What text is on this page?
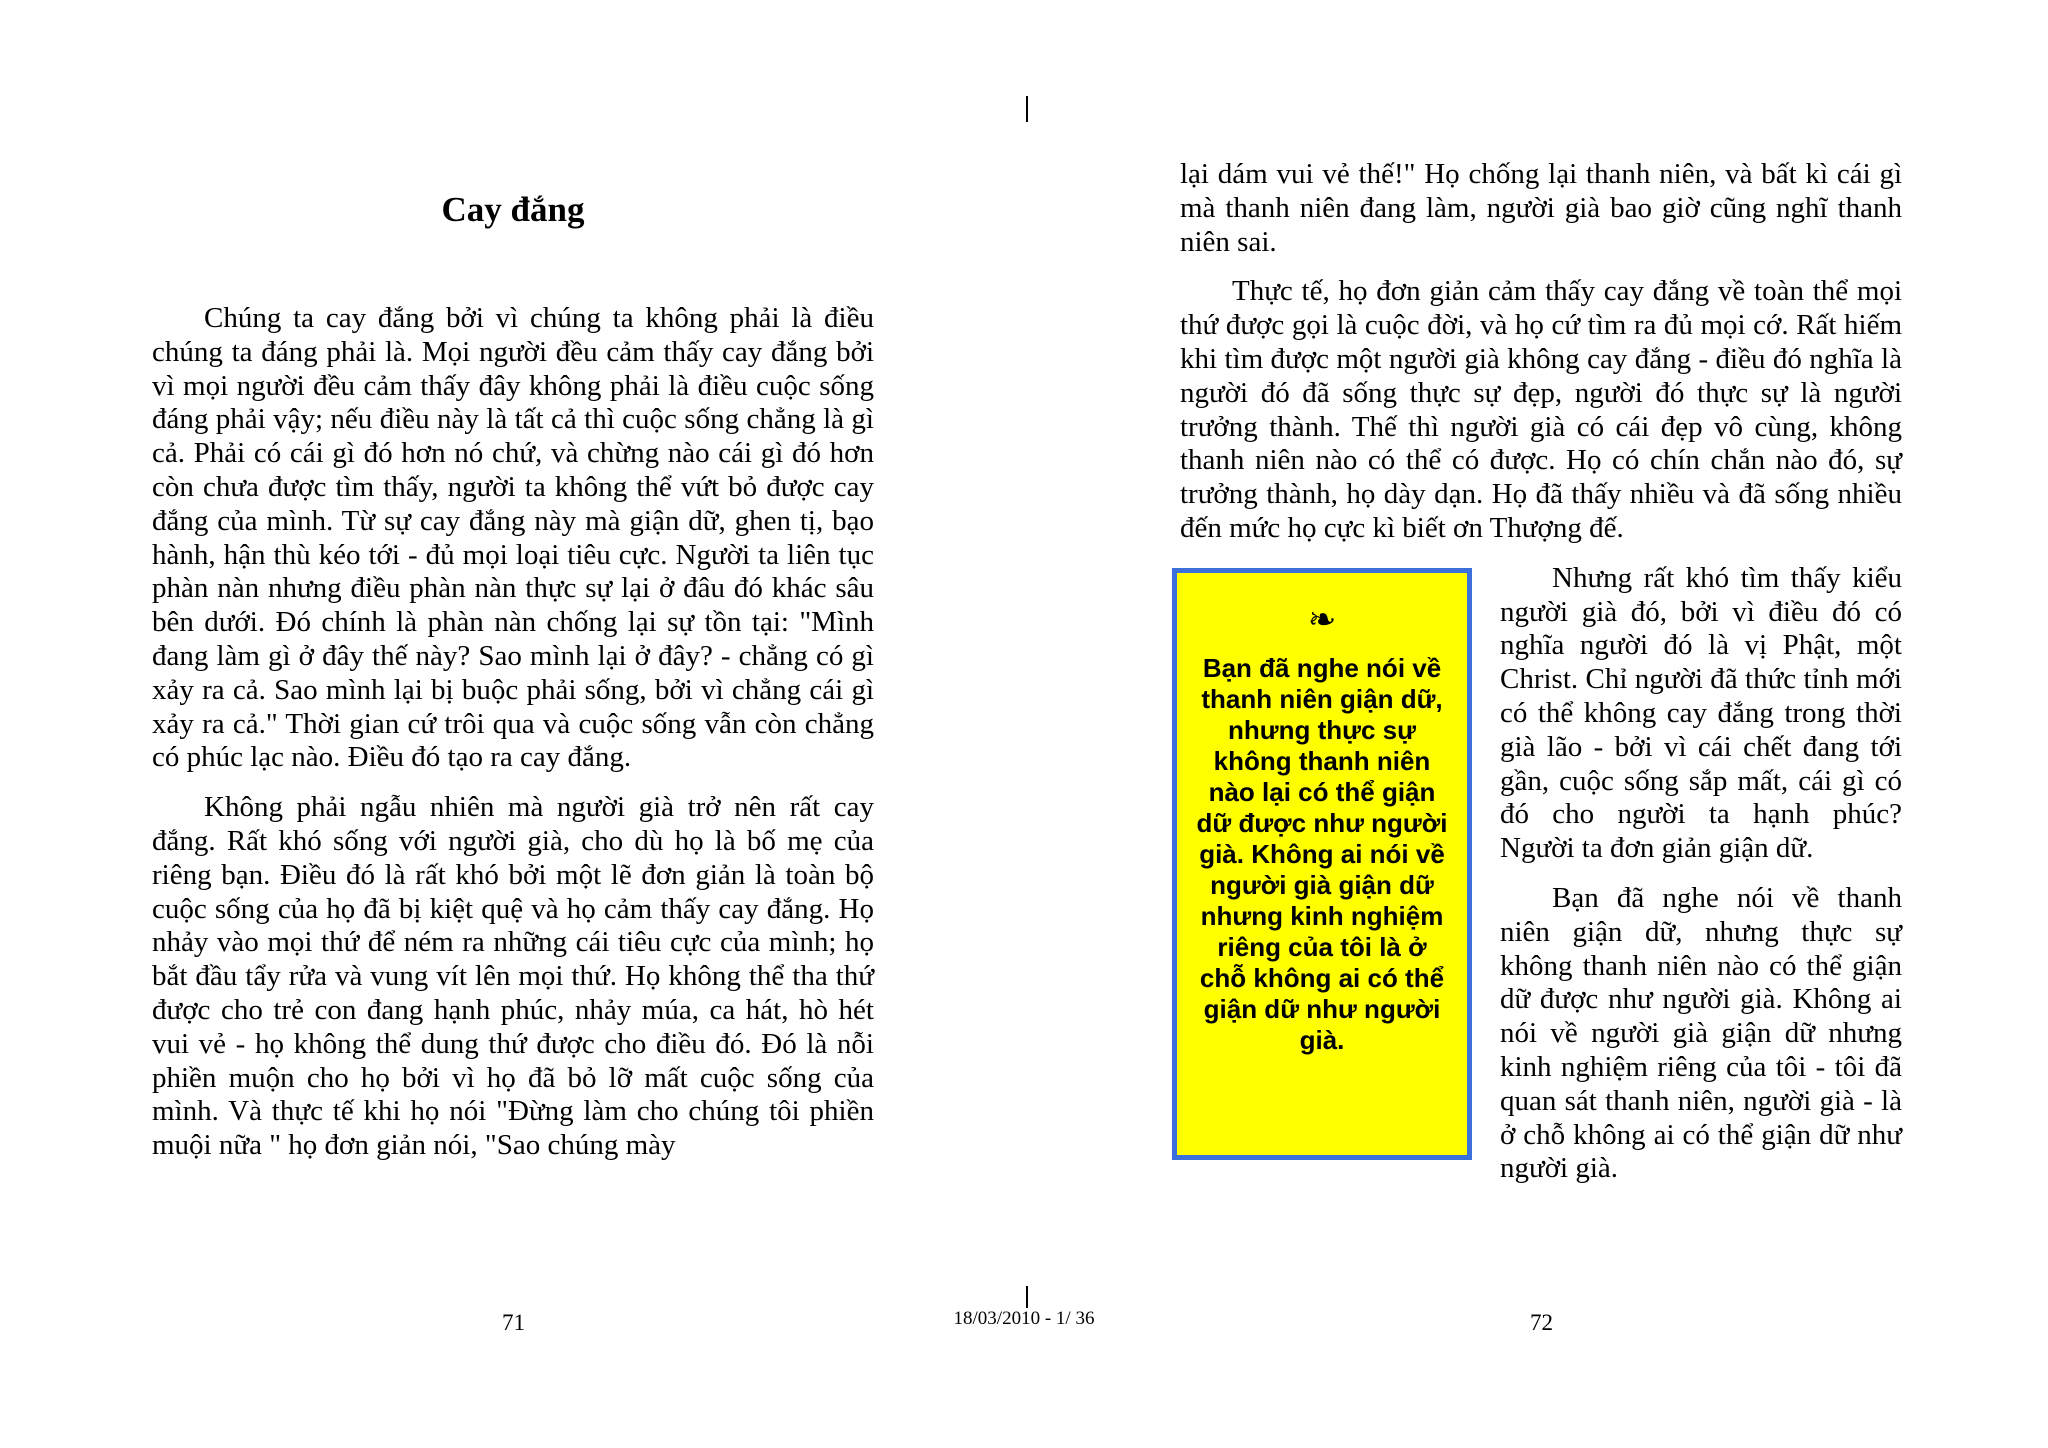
Cay đắng

Chúng ta cay đắng bởi vì chúng ta không phải là điều chúng ta đáng phải là. Mọi người đều cảm thấy cay đắng bởi vì mọi người đều cảm thấy đây không phải là điều cuộc sống đáng phải vậy; nếu điều này là tất cả thì cuộc sống chẳng là gì cả. Phải có cái gì đó hơn nó chứ, và chừng nào cái gì đó hơn còn chưa được tìm thấy, người ta không thể vứt bỏ được cay đắng của mình. Từ sự cay đắng này mà giận dữ, ghen tị, bạo hành, hận thù kéo tới - đủ mọi loại tiêu cực. Người ta liên tục phàn nàn nhưng điều phàn nàn thực sự lại ở đâu đó khác sâu bên dưới. Đó chính là phàn nàn chống lại sự tồn tại: "Mình đang làm gì ở đây thế này? Sao mình lại ở đây? - chẳng có gì xảy ra cả. Sao mình lại bị buộc phải sống, bởi vì chẳng cái gì xảy ra cả." Thời gian cứ trôi qua và cuộc sống vẫn còn chẳng có phúc lạc nào. Điều đó tạo ra cay đắng.

Không phải ngẫu nhiên mà người già trở nên rất cay đắng. Rất khó sống với người già, cho dù họ là bố mẹ của riêng bạn. Điều đó là rất khó bởi một lẽ đơn giản là toàn bộ cuộc sống của họ đã bị kiệt quệ và họ cảm thấy cay đắng. Họ nhảy vào mọi thứ để ném ra những cái tiêu cực của mình; họ bắt đầu tẩy rửa và vung vít lên mọi thứ. Họ không thể tha thứ được cho trẻ con đang hạnh phúc, nhảy múa, ca hát, hò hét vui vẻ - họ không thể dung thứ được cho điều đó. Đó là nỗi phiền muộn cho họ bởi vì họ đã bỏ lỡ mất cuộc sống của mình. Và thực tế khi họ nói "Đừng làm cho chúng tôi phiền muội nữa " họ đơn giản nói, "Sao chúng mày

lại dám vui vẻ thế!" Họ chống lại thanh niên, và bất kì cái gì mà thanh niên đang làm, người già bao giờ cũng nghĩ thanh niên sai.

Thực tế, họ đơn giản cảm thấy cay đắng về toàn thể mọi thứ được gọi là cuộc đời, và họ cứ tìm ra đủ mọi cớ. Rất hiếm khi tìm được một người già không cay đắng - điều đó nghĩa là người đó đã sống thực sự đẹp, người đó thực sự là người trưởng thành. Thế thì người già có cái đẹp vô cùng, không thanh niên nào có thể có được. Họ có chín chắn nào đó, sự trưởng thành, họ dày dạn. Họ đã thấy nhiều và đã sống nhiều đến mức họ cực kì biết ơn Thượng đế.

❧
Bạn đã nghe nói về thanh niên giận dữ, nhưng thực sự không thanh niên nào lại có thể giận dữ được như người già. Không ai nói về người già giận dữ nhưng kinh nghiệm riêng của tôi là ở chỗ không ai có thể giận dữ như người già.

Nhưng rất khó tìm thấy kiểu người già đó, bởi vì điều đó có nghĩa người đó là vị Phật, một Christ. Chỉ người đã thức tỉnh mới có thể không cay đắng trong thời già lão - bởi vì cái chết đang tới gần, cuộc sống sắp mất, cái gì có đó cho người ta hạnh phúc? Người ta đơn giản giận dữ.

Bạn đã nghe nói về thanh niên giận dữ, nhưng thực sự không thanh niên nào có thể giận dữ được như người già. Không ai nói về người già giận dữ nhưng kinh nghiệm riêng của tôi - tôi đã quan sát thanh niên, người già - là ở chỗ không ai có thể giận dữ như người già.

71	18/03/2010 - 1/ 36	72
